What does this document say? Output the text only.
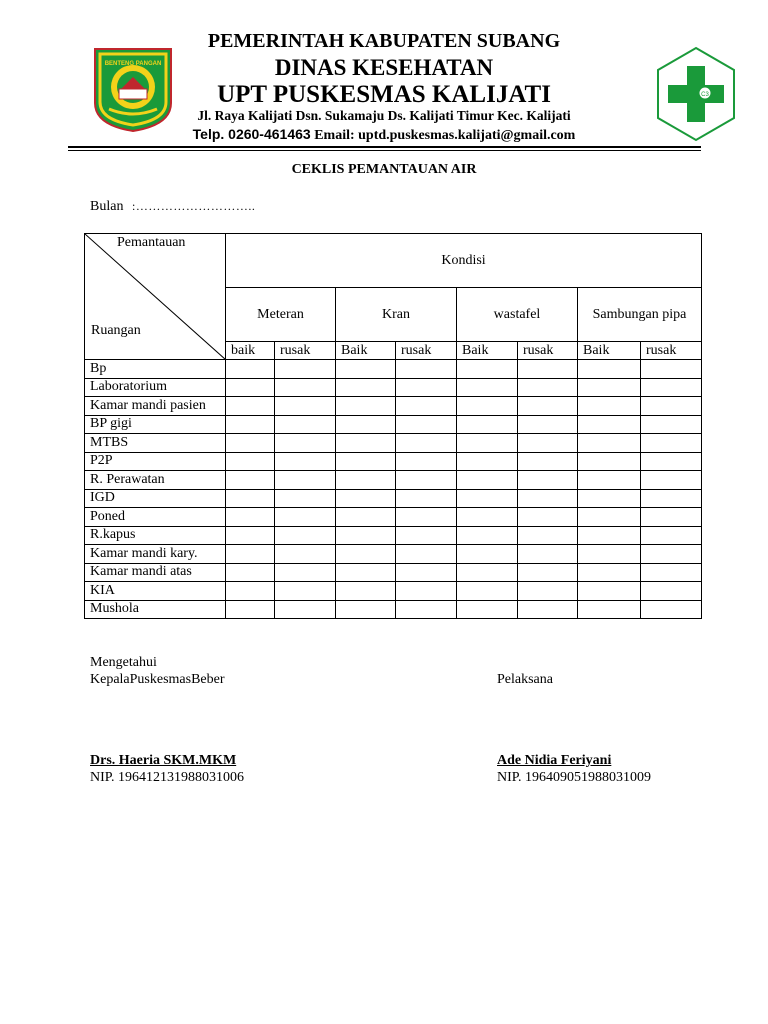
BENTENG PANGAN
C3
PEMERINTAH KABUPATEN SUBANG
DINAS KESEHATAN
UPT PUSKESMAS KALIJATI
Jl. Raya Kalijati Dsn. Sukamaju Ds. Kalijati Timur Kec. Kalijati
Telp. 0260-461463 Email: uptd.puskesmas.kalijati@gmail.com
CEKLIS PEMANTAUAN AIR
Bulan :………………………..
Pemantauan
Ruangan	Kondisi							
	Meteran		Kran		wastafel		Sambungan pipa	
	baik	rusak	Baik	rusak	Baik	rusak	Baik	rusak
Bp								
Laboratorium								
Kamar mandi pasien								
BP gigi								
MTBS								
P2P								
R. Perawatan								
IGD								
Poned								
R.kapus								
Kamar mandi kary.								
Kamar mandi atas								
KIA								
Mushola								
Mengetahui
KepalaPuskesmasBeber	Pelaksana
Drs. Haeria SKM.MKM
NIP. 196412131988031006
Ade Nidia Feriyani
NIP. 196409051988031009
